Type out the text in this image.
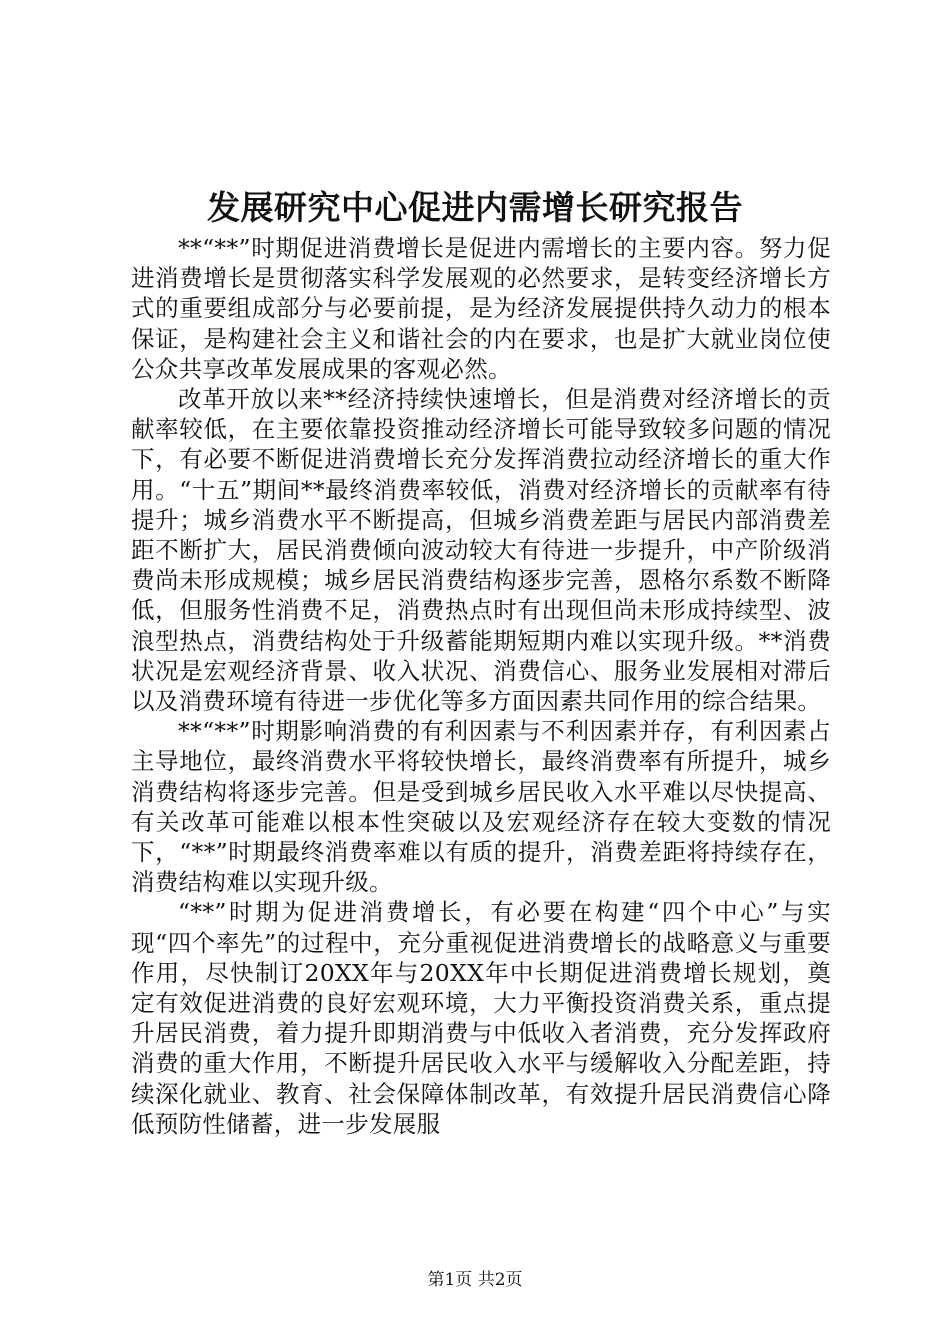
发展研究中心促进内需增长研究报告

**“**”时期促进消费增长是促进内需增长的主要内容。努力促进消费增长是贯彻落实科学发展观的必然要求，是转变经济增长方式的重要组成部分与必要前提，是为经济发展提供持久动力的根本保证，是构建社会主义和谐社会的内在要求，也是扩大就业岗位使公众共享改革发展成果的客观必然。

改革开放以来**经济持续快速增长，但是消费对经济增长的贡献率较低，在主要依靠投资推动经济增长可能导致较多问题的情况下，有必要不断促进消费增长充分发挥消费拉动经济增长的重大作用。“十五”期间**最终消费率较低，消费对经济增长的贡献率有待提升；城乡消费水平不断提高，但城乡消费差距与居民内部消费差距不断扩大，居民消费倾向波动较大有待进一步提升，中产阶级消费尚未形成规模；城乡居民消费结构逐步完善，恩格尔系数不断降低，但服务性消费不足，消费热点时有出现但尚未形成持续型、波浪型热点，消费结构处于升级蓄能期短期内难以实现升级。**消费状况是宏观经济背景、收入状况、消费信心、服务业发展相对滞后以及消费环境有待进一步优化等多方面因素共同作用的综合结果。

**“**”时期影响消费的有利因素与不利因素并存，有利因素占主导地位，最终消费水平将较快增长，最终消费率有所提升，城乡消费结构将逐步完善。但是受到城乡居民收入水平难以尽快提高、有关改革可能难以根本性突破以及宏观经济存在较大变数的情况下，“**”时期最终消费率难以有质的提升，消费差距将持续存在，消费结构难以实现升级。

“**”时期为促进消费增长，有必要在构建“四个中心”与实现“四个率先”的过程中，充分重视促进消费增长的战略意义与重要作用，尽快制订20XX年与20XX年中长期促进消费增长规划，奠定有效促进消费的良好宏观环境，大力平衡投资消费关系，重点提升居民消费，着力提升即期消费与中低收入者消费，充分发挥政府消费的重大作用，不断提升居民收入水平与缓解收入分配差距，持续深化就业、教育、社会保障体制改革，有效提升居民消费信心降低预防性储蓄，进一步发展服

第1页 共2页
